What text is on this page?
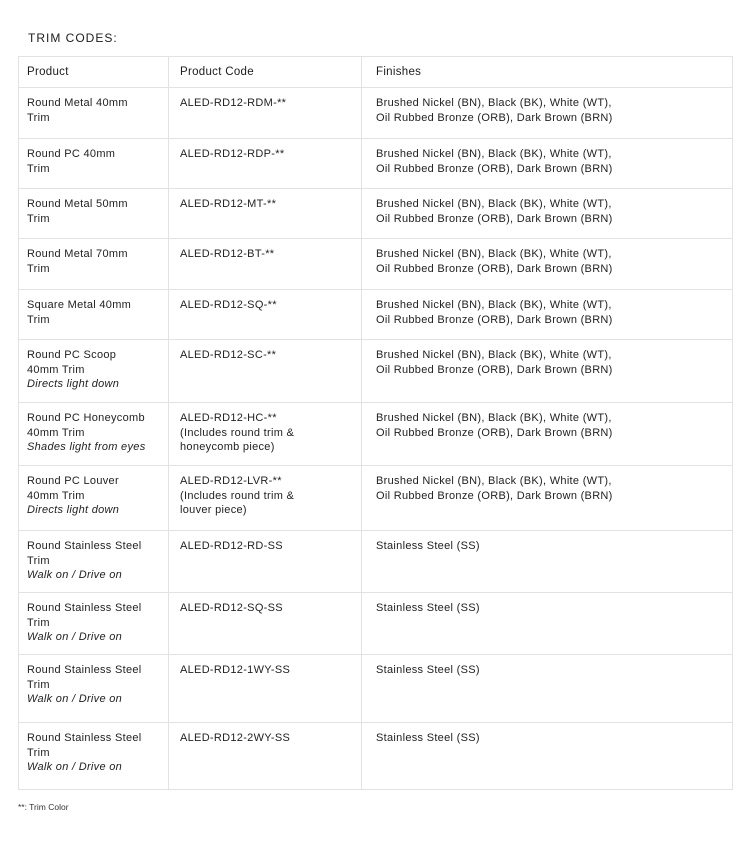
TRIM CODES:
Product	Product Code	Finishes

Round Metal 40mm
Trim	ALED-RD12-RDM-**	Brushed Nickel (BN), Black (BK), White (WT),
Oil Rubbed Bronze (ORB), Dark Brown (BRN)

Round PC 40mm
Trim	ALED-RD12-RDP-**	Brushed Nickel (BN), Black (BK), White (WT),
Oil Rubbed Bronze (ORB), Dark Brown (BRN)

Round Metal 50mm
Trim	ALED-RD12-MT-**	Brushed Nickel (BN), Black (BK), White (WT),
Oil Rubbed Bronze (ORB), Dark Brown (BRN)

Round Metal 70mm
Trim	ALED-RD12-BT-**	Brushed Nickel (BN), Black (BK), White (WT),
Oil Rubbed Bronze (ORB), Dark Brown (BRN)

Square Metal 40mm
Trim	ALED-RD12-SQ-**	Brushed Nickel (BN), Black (BK), White (WT),
Oil Rubbed Bronze (ORB), Dark Brown (BRN)

Round PC Scoop
40mm Trim
Directs light down	ALED-RD12-SC-**	Brushed Nickel (BN), Black (BK), White (WT),
Oil Rubbed Bronze (ORB), Dark Brown (BRN)

Round PC Honeycomb
40mm Trim
Shades light from eyes	ALED-RD12-HC-**
(Includes round trim &
honeycomb piece)	Brushed Nickel (BN), Black (BK), White (WT),
Oil Rubbed Bronze (ORB), Dark Brown (BRN)

Round PC Louver
40mm Trim
Directs light down	ALED-RD12-LVR-**
(Includes round trim &
louver piece)	Brushed Nickel (BN), Black (BK), White (WT),
Oil Rubbed Bronze (ORB), Dark Brown (BRN)

Round Stainless Steel
Trim
Walk on / Drive on	ALED-RD12-RD-SS	Stainless Steel (SS)

Round Stainless Steel
Trim
Walk on / Drive on	ALED-RD12-SQ-SS	Stainless Steel (SS)

Round Stainless Steel
Trim
Walk on / Drive on	ALED-RD12-1WY-SS	Stainless Steel (SS)

Round Stainless Steel
Trim
Walk on / Drive on	ALED-RD12-2WY-SS	Stainless Steel (SS)
**: Trim Color
